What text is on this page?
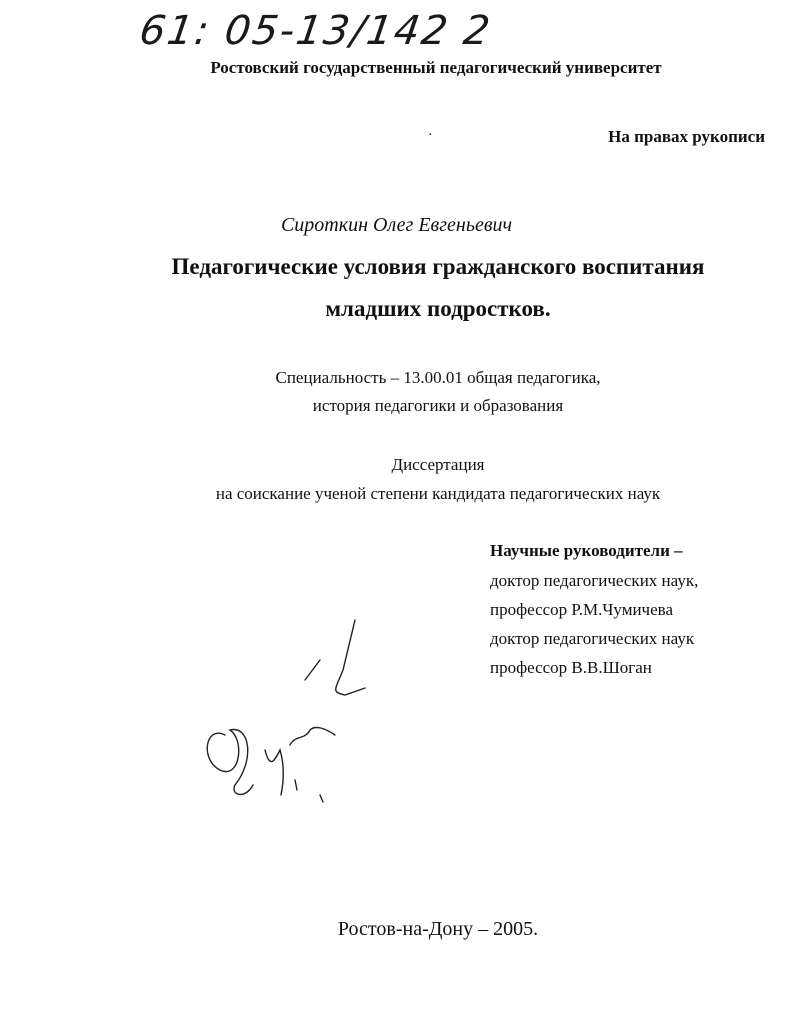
61: 05-13/142 2
Ростовский государственный педагогический университет
·	На правах рукописи
Сироткин Олег Евгеньевич
Педагогические условия гражданского воспитания
младших подростков.
Специальность – 13.00.01 общая педагогика,
история педагогики и образования
Диссертация
на соискание ученой степени кандидата педагогических наук
Научные руководители –
доктор педагогических наук,
профессор Р.М.Чумичева
доктор педагогических наук
профессор В.В.Шоган
Ростов-на-Дону – 2005.
